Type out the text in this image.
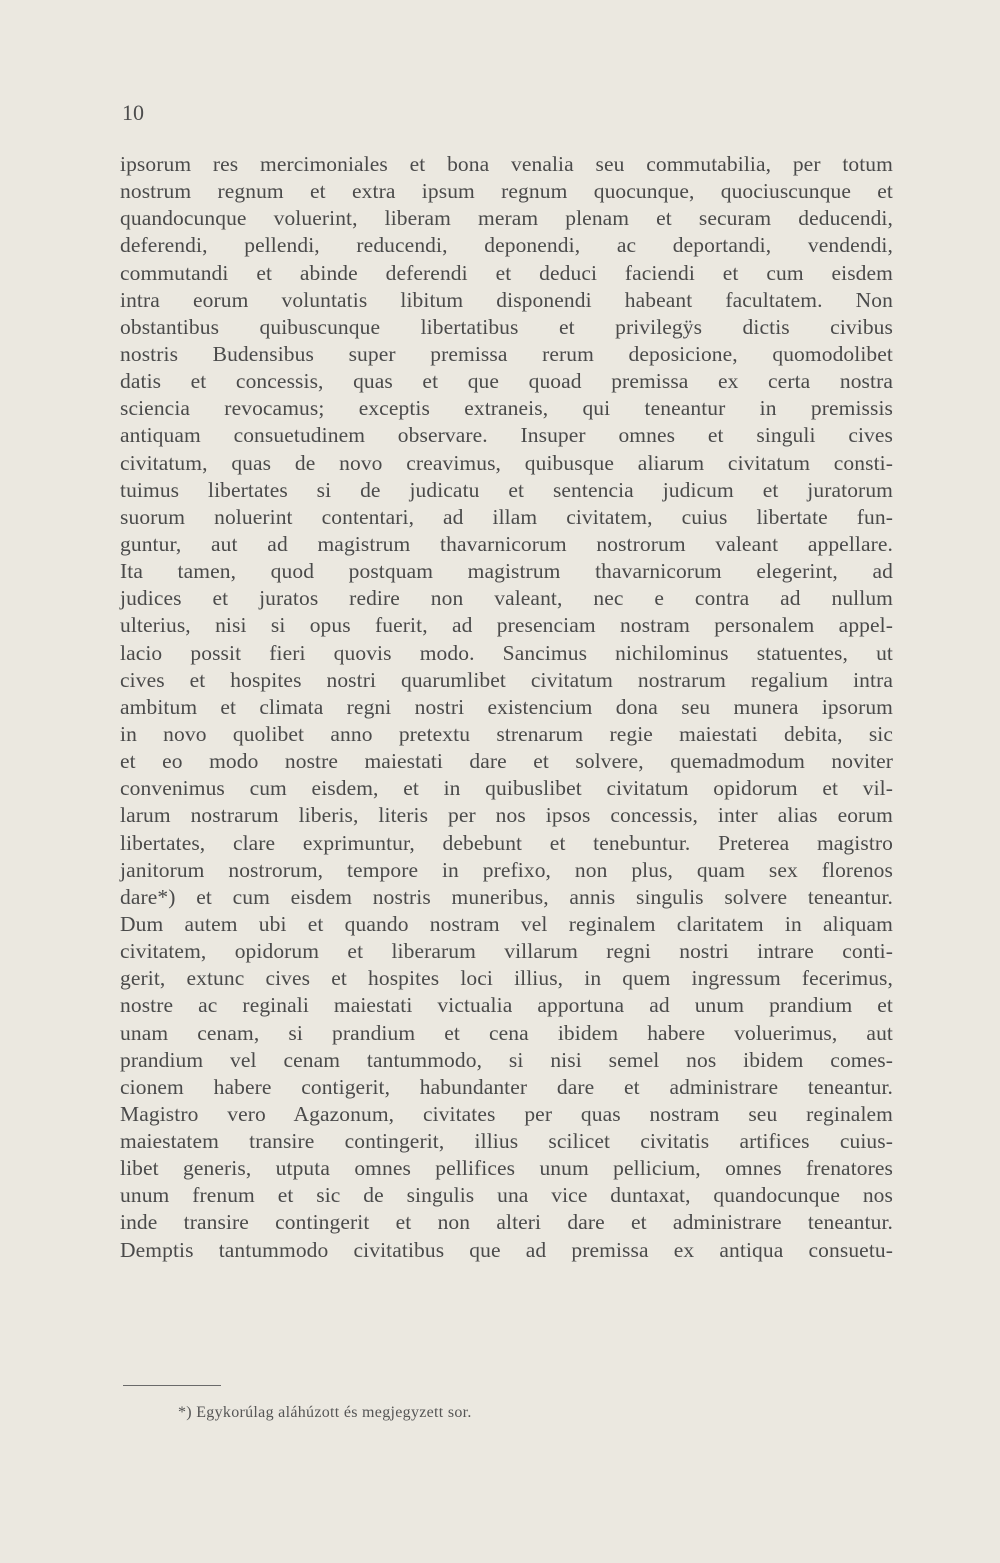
10
ipsorum res mercimoniales et bona venalia seu commutabilia, per totum
nostrum regnum et extra ipsum regnum quocunque, quociuscunque et
quandocunque voluerint, liberam meram plenam et securam deducendi,
deferendi, pellendi, reducendi, deponendi, ac deportandi, vendendi,
commutandi et abinde deferendi et deduci faciendi et cum eisdem
intra eorum voluntatis libitum disponendi habeant facultatem. Non
obstantibus quibuscunque libertatibus et privilegÿs dictis civibus
nostris Budensibus super premissa rerum deposicione, quomodolibet
datis et concessis, quas et que quoad premissa ex certa nostra
sciencia revocamus; exceptis extraneis, qui teneantur in premissis
antiquam consuetudinem observare. Insuper omnes et singuli cives
civitatum, quas de novo creavimus, quibusque aliarum civitatum consti-
tuimus libertates si de judicatu et sentencia judicum et juratorum
suorum noluerint contentari, ad illam civitatem, cuius libertate fun-
guntur, aut ad magistrum thavarnicorum nostrorum valeant appellare.
Ita tamen, quod postquam magistrum thavarnicorum elegerint, ad
judices et juratos redire non valeant, nec e contra ad nullum
ulterius, nisi si opus fuerit, ad presenciam nostram personalem appel-
lacio possit fieri quovis modo. Sancimus nichilominus statuentes, ut
cives et hospites nostri quarumlibet civitatum nostrarum regalium intra
ambitum et climata regni nostri existencium dona seu munera ipsorum
in novo quolibet anno pretextu strenarum regie maiestati debita, sic
et eo modo nostre maiestati dare et solvere, quemadmodum noviter
convenimus cum eisdem, et in quibuslibet civitatum opidorum et vil-
larum nostrarum liberis, literis per nos ipsos concessis, inter alias eorum
libertates, clare exprimuntur, debebunt et tenebuntur. Preterea magistro
janitorum nostrorum, tempore in prefixo, non plus, quam sex florenos
dare*) et cum eisdem nostris muneribus, annis singulis solvere teneantur.
Dum autem ubi et quando nostram vel reginalem claritatem in aliquam
civitatem, opidorum et liberarum villarum regni nostri intrare conti-
gerit, extunc cives et hospites loci illius, in quem ingressum fecerimus,
nostre ac reginali maiestati victualia apportuna ad unum prandium et
unam cenam, si prandium et cena ibidem habere voluerimus, aut
prandium vel cenam tantummodo, si nisi semel nos ibidem comes-
cionem habere contigerit, habundanter dare et administrare teneantur.
Magistro vero Agazonum, civitates per quas nostram seu reginalem
maiestatem transire contingerit, illius scilicet civitatis artifices cuius-
libet generis, utputa omnes pellifices unum pellicium, omnes frenatores
unum frenum et sic de singulis una vice duntaxat, quandocunque nos
inde transire contingerit et non alteri dare et administrare teneantur.
Demptis tantummodo civitatibus que ad premissa ex antiqua consuetu-
*) Egykorúlag aláhúzott és megjegyzett sor.
